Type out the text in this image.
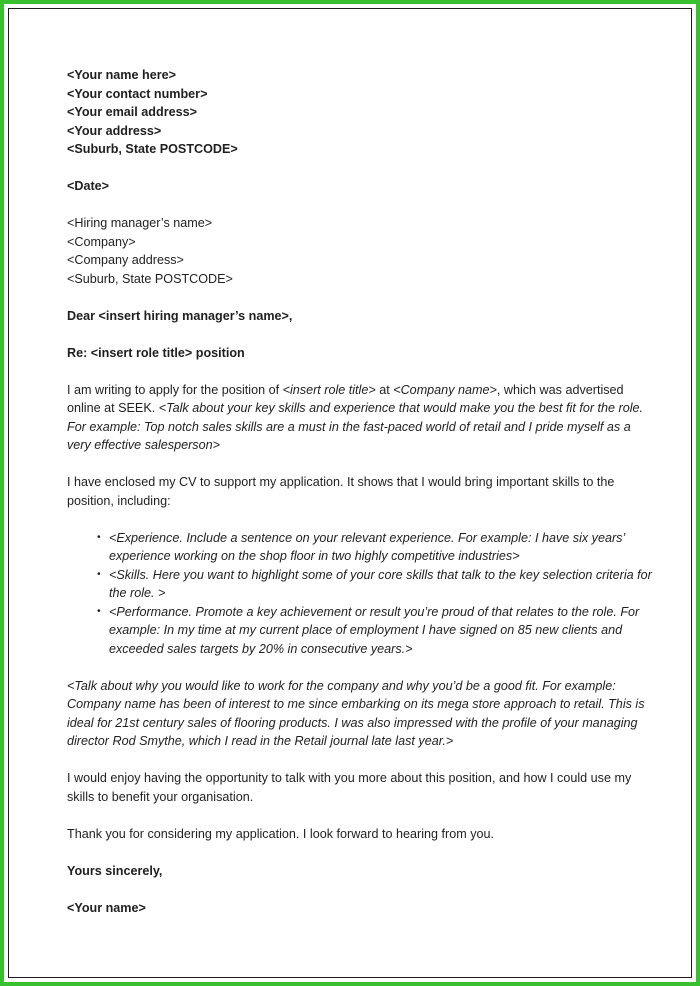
<Your name here>
<Your contact number>
<Your email address>
<Your address>
<Suburb, State POSTCODE>
<Date>
<Hiring manager’s name>
<Company>
<Company address>
<Suburb, State POSTCODE>
Dear <insert hiring manager’s name>,
Re: <insert role title> position

I am writing to apply for the position of <insert role title> at <Company name>, which was advertised online at SEEK. <Talk about your key skills and experience that would make you the best fit for the role. For example: Top notch sales skills are a must in the fast-paced world of retail and I pride myself as a very effective salesperson>

I have enclosed my CV to support my application. It shows that I would bring important skills to the position, including:

• <Experience. Include a sentence on your relevant experience. For example: I have six years’ experience working on the shop floor in two highly competitive industries>
• <Skills. Here you want to highlight some of your core skills that talk to the key selection criteria for the role. >
• <Performance. Promote a key achievement or result you’re proud of that relates to the role. For example: In my time at my current place of employment I have signed on 85 new clients and exceeded sales targets by 20% in consecutive years.>

<Talk about why you would like to work for the company and why you’d be a good fit. For example: Company name has been of interest to me since embarking on its mega store approach to retail. This is ideal for 21st century sales of flooring products. I was also impressed with the profile of your managing director Rod Smythe, which I read in the Retail journal late last year.>

I would enjoy having the opportunity to talk with you more about this position, and how I could use my skills to benefit your organisation.

Thank you for considering my application. I look forward to hearing from you.

Yours sincerely,
<Your name>
